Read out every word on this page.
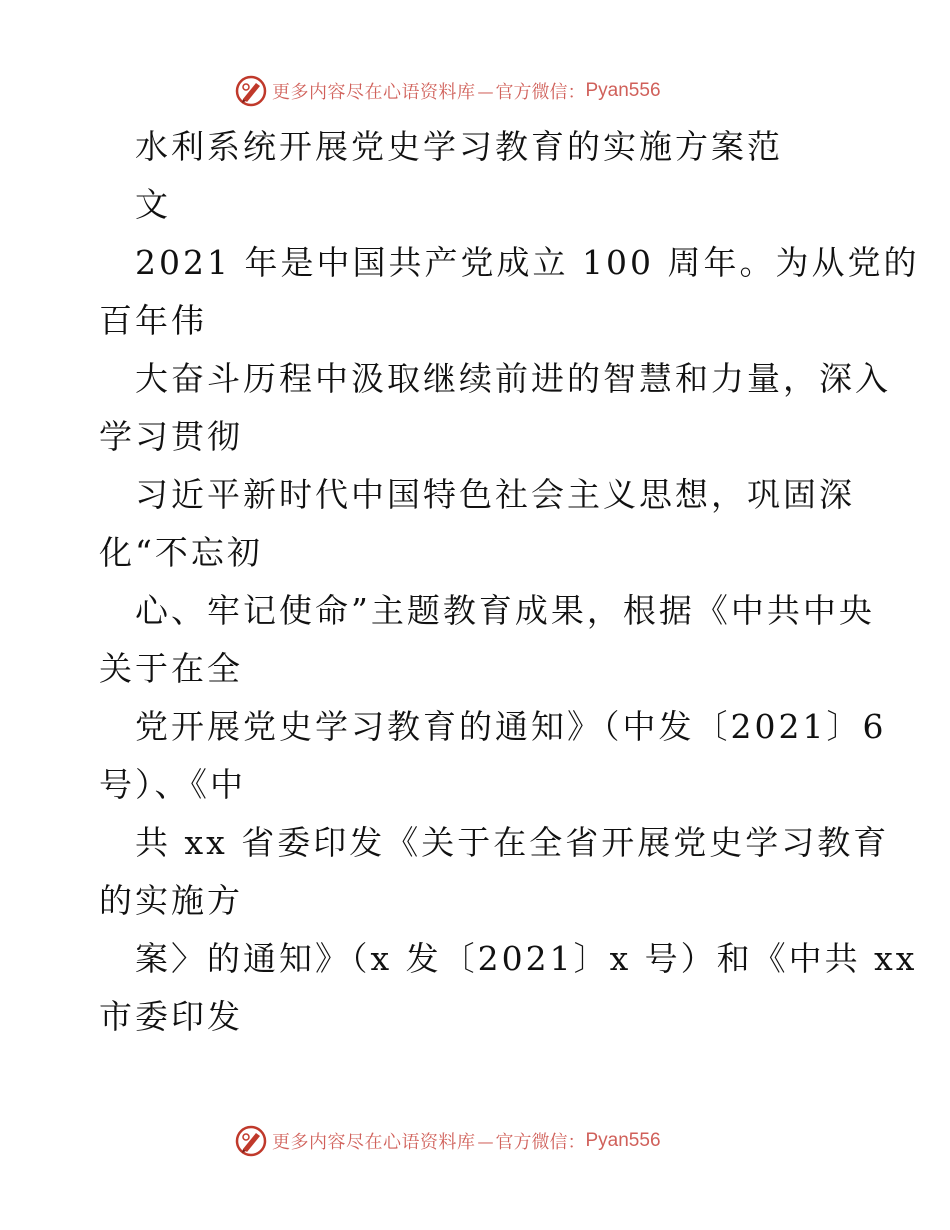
更多内容尽在心语资料库 — 官方微信： Pyan556
水利系统开展党史学习教育的实施方案范
文
2021 年是中国共产党成立 100 周年。为从党的
百年伟
大奋斗历程中汲取继续前进的智慧和力量，深入
学习贯彻
习近平新时代中国特色社会主义思想，巩固深
化“不忘初
心、牢记使命”主题教育成果，根据《中共中央
关于在全
党开展党史学习教育的通知》（中发〔2021〕6
号）、《中
共 xx 省委印发《关于在全省开展党史学习教育
的实施方
案〉的通知》（x 发〔2021〕x 号）和《中共 xx
市委印发
更多内容尽在心语资料库 — 官方微信： Pyan556
